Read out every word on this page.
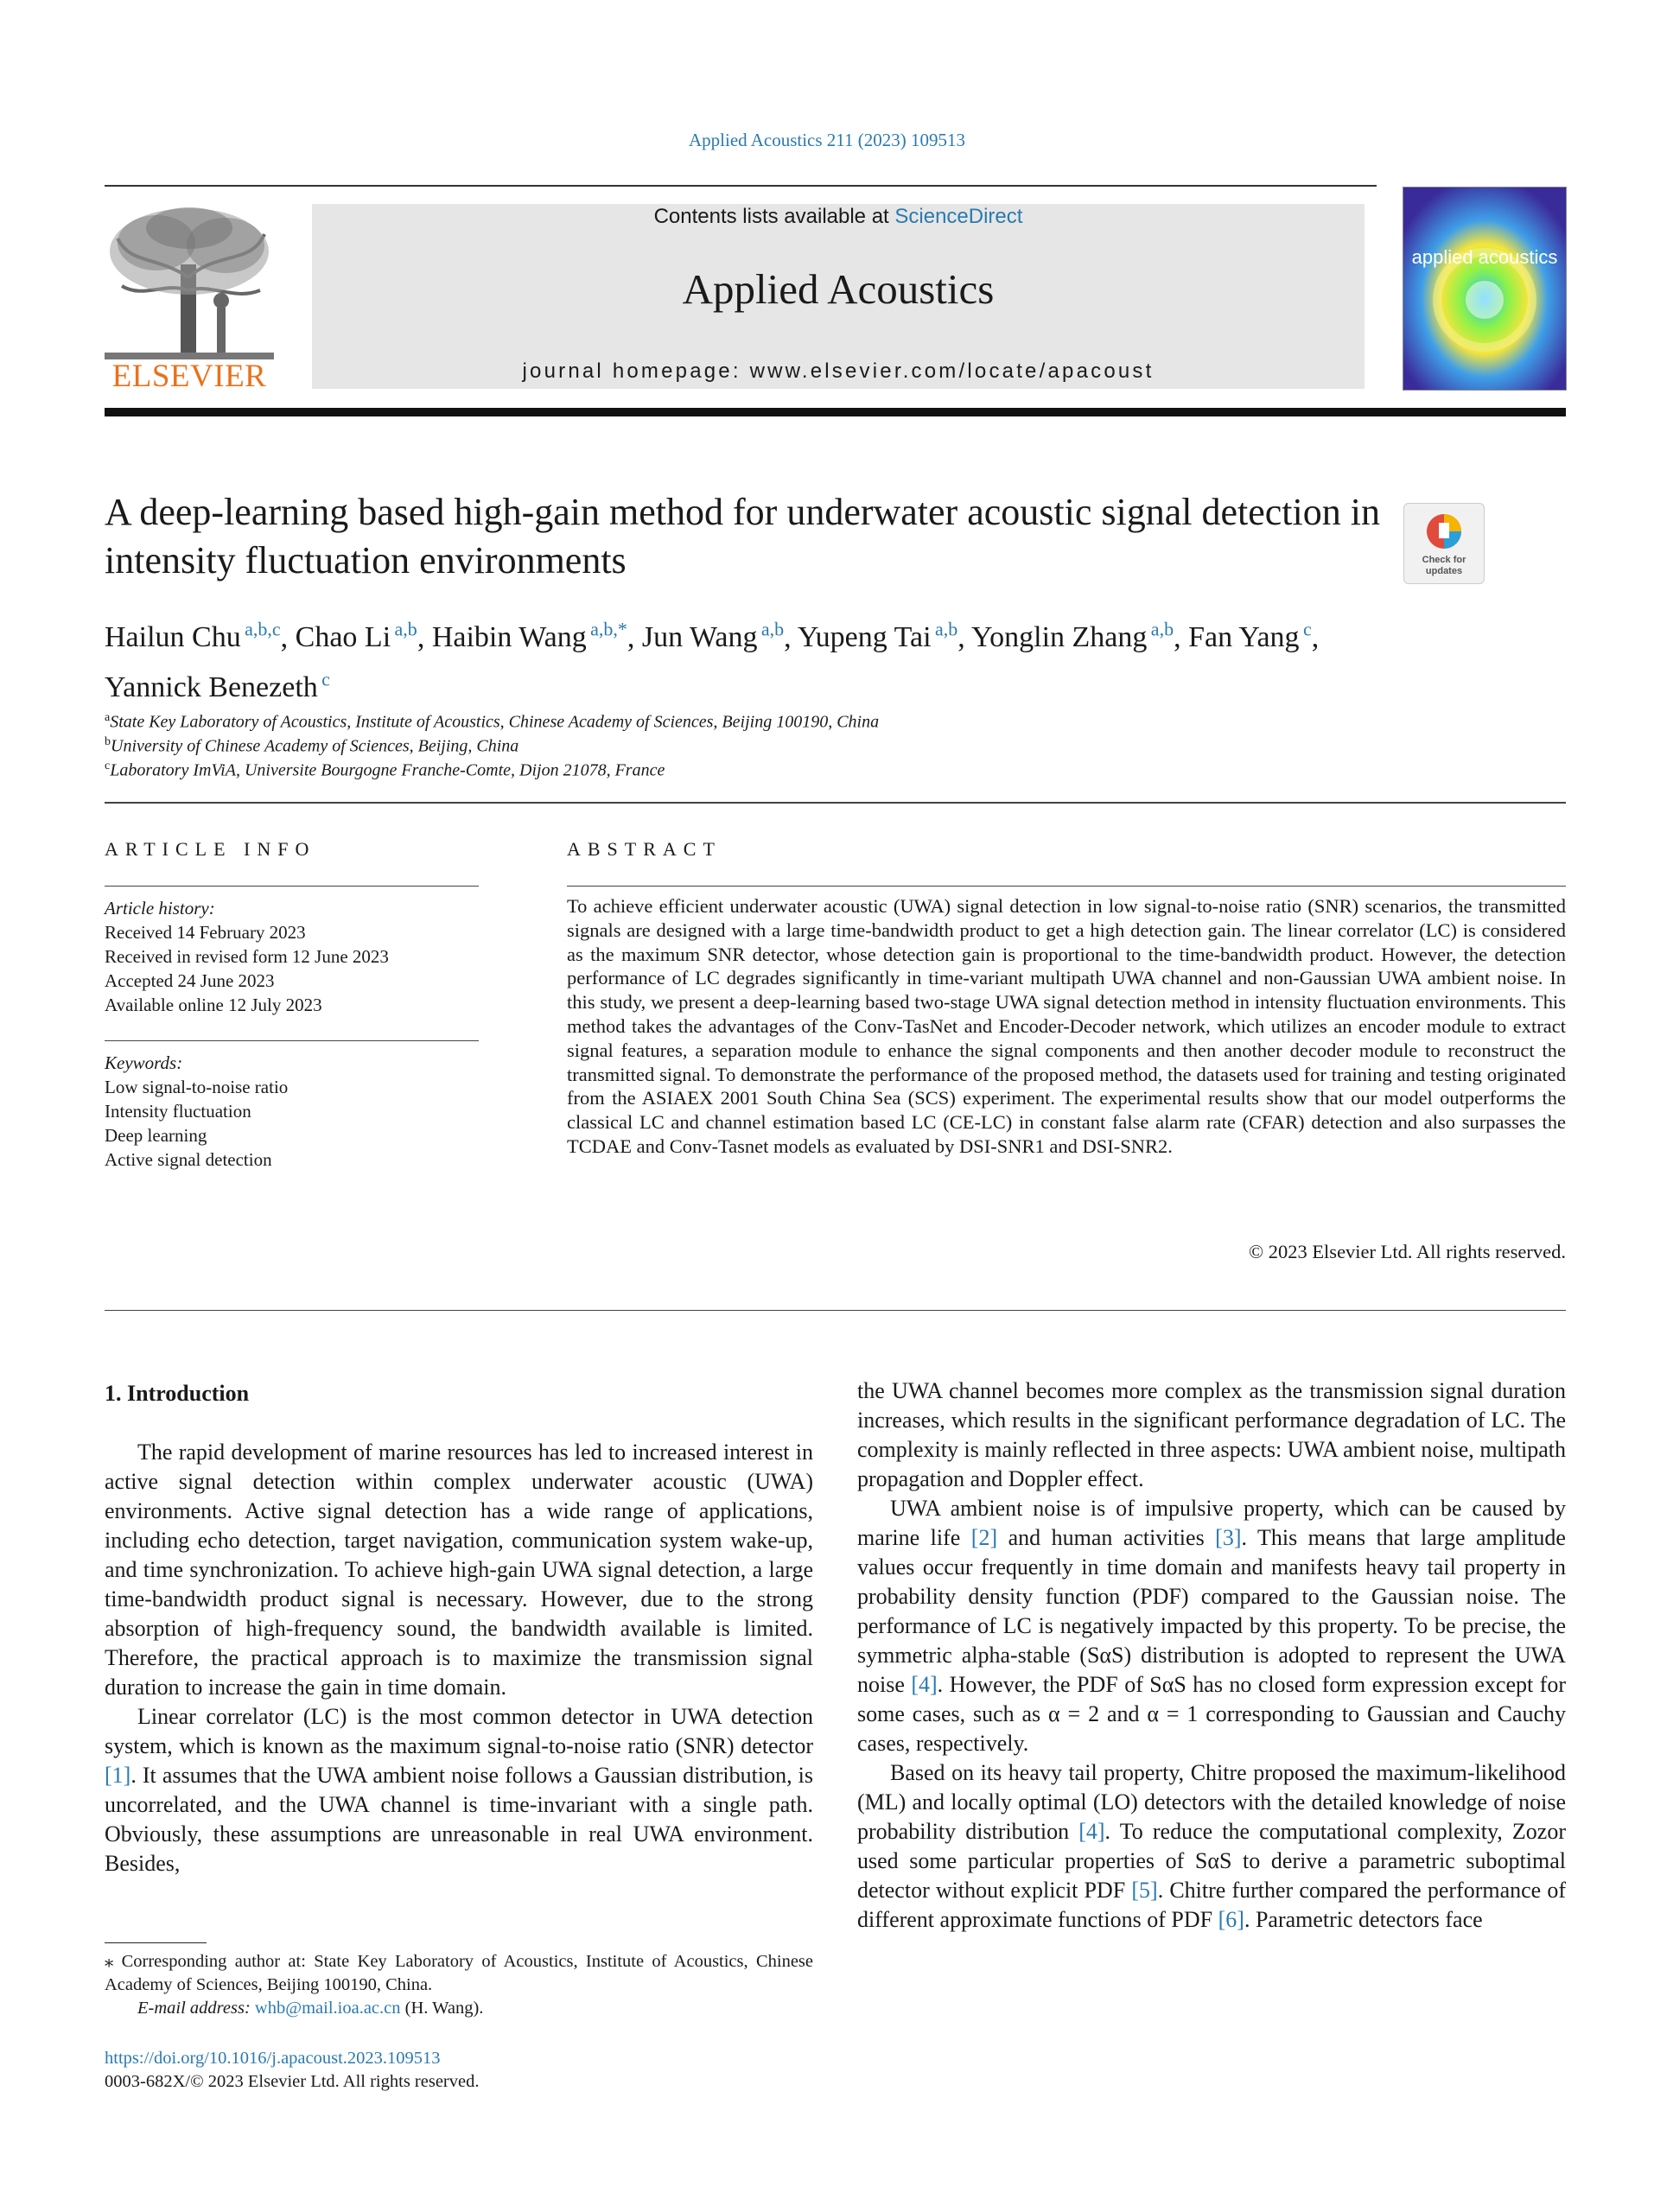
Applied Acoustics 211 (2023) 109513
ELSEVIER
Contents lists available at ScienceDirect
Applied Acoustics
journal homepage: www.elsevier.com/locate/apacoust
applied acoustics
A deep-learning based high-gain method for underwater acoustic signal detection in intensity fluctuation environments	Check for
updates
Hailun Chu $^{a,b,c}$, Chao Li $^{a,b}$, Haibin Wang $^{a,b,*}$, Jun Wang $^{a,b}$, Yupeng Tai $^{a,b}$, Yonglin Zhang $^{a,b}$, Fan Yang $^c$,
Yannick Benezeth $^c$
$^a$State Key Laboratory of Acoustics, Institute of Acoustics, Chinese Academy of Sciences, Beijing 100190, China
$^b$University of Chinese Academy of Sciences, Beijing, China
$^c$Laboratory ImViA, Universite Bourgogne Franche-Comte, Dijon 21078, France
ARTICLE INFO
Article history:
Received 14 February 2023
Received in revised form 12 June 2023
Accepted 24 June 2023
Available online 12 July 2023
Keywords:
Low signal-to-noise ratio
Intensity fluctuation
Deep learning
Active signal detection
ABSTRACT
To achieve efficient underwater acoustic (UWA) signal detection in low signal-to-noise ratio (SNR) scenarios, the transmitted signals are designed with a large time-bandwidth product to get a high detection gain. The linear correlator (LC) is considered as the maximum SNR detector, whose detection gain is proportional to the time-bandwidth product. However, the detection performance of LC degrades significantly in time-variant multipath UWA channel and non-Gaussian UWA ambient noise. In this study, we present a deep-learning based two-stage UWA signal detection method in intensity fluctuation environments. This method takes the advantages of the Conv-TasNet and Encoder-Decoder network, which utilizes an encoder module to extract signal features, a separation module to enhance the signal components and then another decoder module to reconstruct the transmitted signal. To demonstrate the performance of the proposed method, the datasets used for training and testing originated from the ASIAEX 2001 South China Sea (SCS) experiment. The experimental results show that our model outperforms the classical LC and channel estimation based LC (CE-LC) in constant false alarm rate (CFAR) detection and also surpasses the TCDAE and Conv-Tasnet models as evaluated by DSI-SNR1 and DSI-SNR2.
© 2023 Elsevier Ltd. All rights reserved.
1. Introduction

The rapid development of marine resources has led to increased interest in active signal detection within complex underwater acoustic (UWA) environments. Active signal detection has a wide range of applications, including echo detection, target navigation, communication system wake-up, and time synchronization. To achieve high-gain UWA signal detection, a large time-bandwidth product signal is necessary. However, due to the strong absorption of high-frequency sound, the bandwidth available is limited. Therefore, the practical approach is to maximize the transmission signal duration to increase the gain in time domain.

Linear correlator (LC) is the most common detector in UWA detection system, which is known as the maximum signal-to-noise ratio (SNR) detector [1]. It assumes that the UWA ambient noise follows a Gaussian distribution, is uncorrelated, and the UWA channel is time-invariant with a single path. Obviously, these assumptions are unreasonable in real UWA environment. Besides,

the UWA channel becomes more complex as the transmission signal duration increases, which results in the significant performance degradation of LC. The complexity is mainly reflected in three aspects: UWA ambient noise, multipath propagation and Doppler effect.

UWA ambient noise is of impulsive property, which can be caused by marine life [2] and human activities [3]. This means that large amplitude values occur frequently in time domain and manifests heavy tail property in probability density function (PDF) compared to the Gaussian noise. The performance of LC is negatively impacted by this property. To be precise, the symmetric alpha-stable (SαS) distribution is adopted to represent the UWA noise [4]. However, the PDF of SαS has no closed form expression except for some cases, such as α = 2 and α = 1 corresponding to Gaussian and Cauchy cases, respectively.

Based on its heavy tail property, Chitre proposed the maximum-likelihood (ML) and locally optimal (LO) detectors with the detailed knowledge of noise probability distribution [4]. To reduce the computational complexity, Zozor used some particular properties of SαS to derive a parametric suboptimal detector without explicit PDF [5]. Chitre further compared the performance of different approximate functions of PDF [6]. Parametric detectors face

⁎ Corresponding author at: State Key Laboratory of Acoustics, Institute of Acoustics, Chinese Academy of Sciences, Beijing 100190, China.

E-mail address: whb@mail.ioa.ac.cn (H. Wang).

https://doi.org/10.1016/j.apacoust.2023.109513
0003-682X/© 2023 Elsevier Ltd. All rights reserved.
